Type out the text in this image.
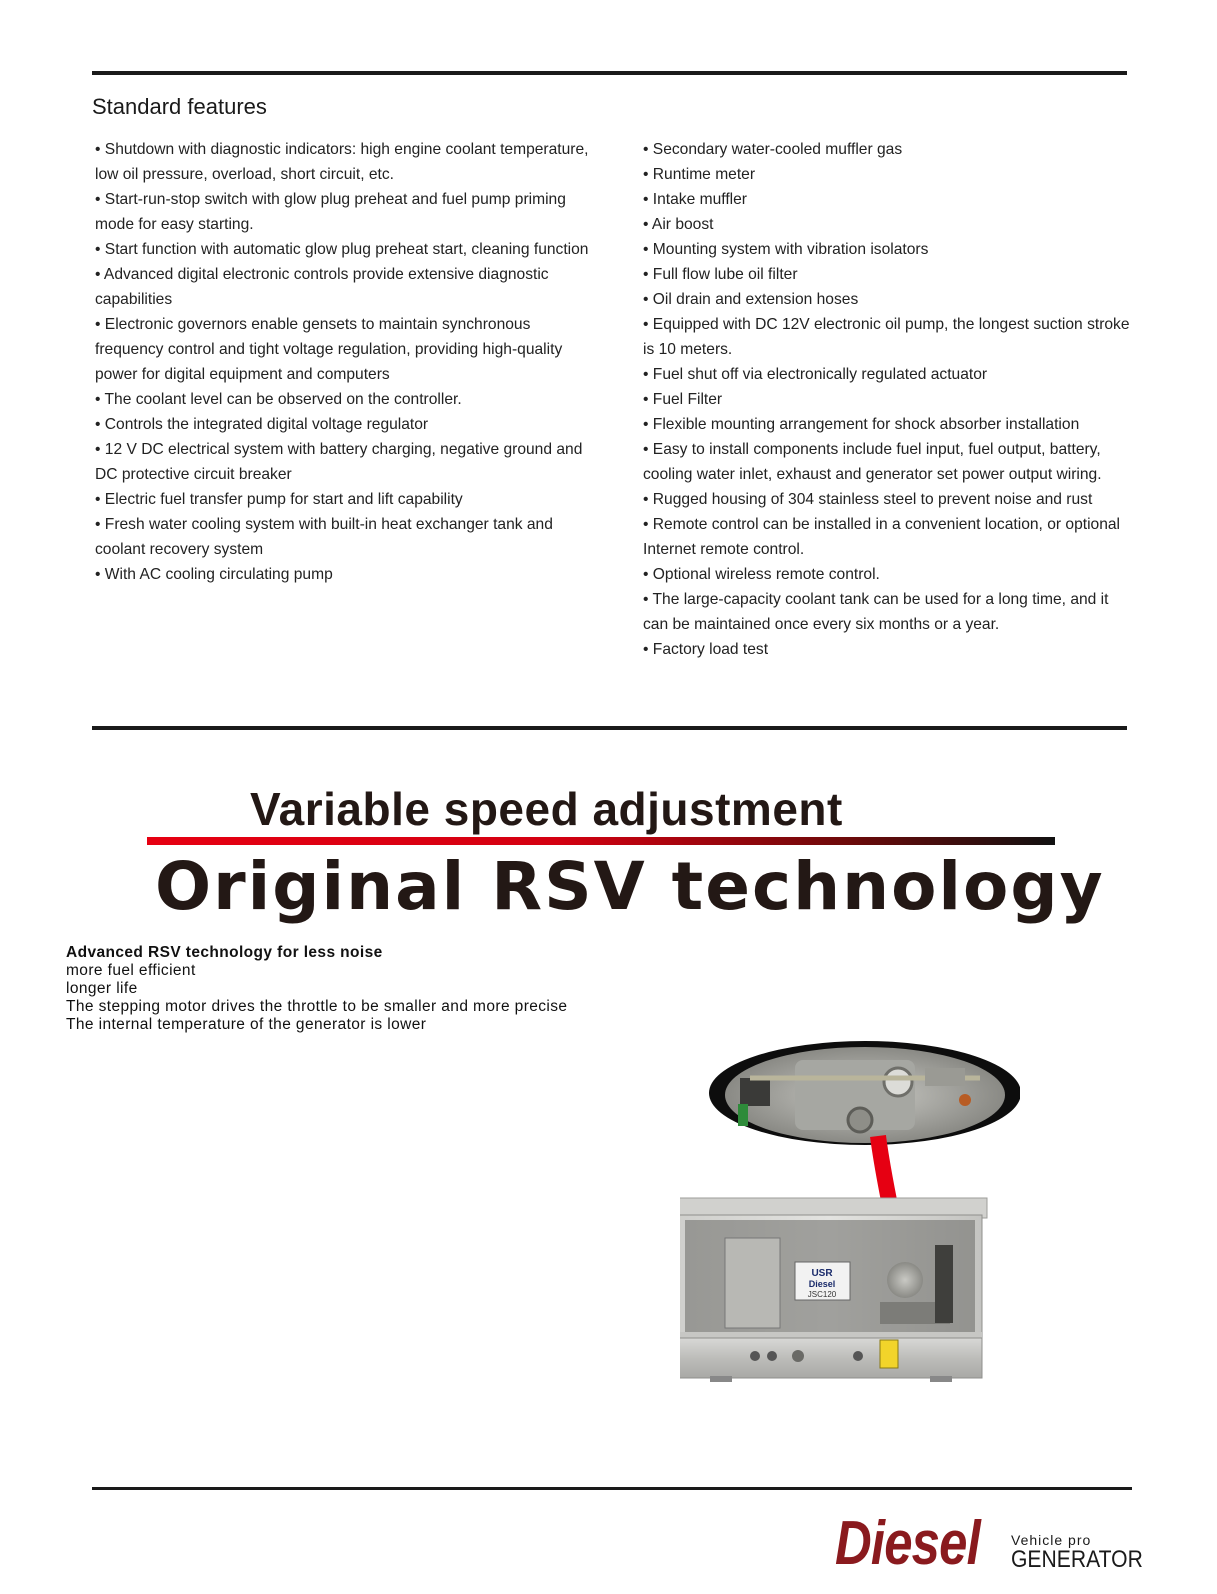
Standard features

• Shutdown with diagnostic indicators: high engine coolant temperature, low oil pressure, overload, short circuit, etc.

• Start-run-stop switch with glow plug preheat and fuel pump priming mode for easy starting.

• Start function with automatic glow plug preheat start, cleaning function

• Advanced digital electronic controls provide extensive diagnostic capabilities

• Electronic governors enable gensets to maintain synchronous frequency control and tight voltage regulation, providing high-quality power for digital equipment and computers

• The coolant level can be observed on the controller.

• Controls the integrated digital voltage regulator

• 12 V DC electrical system with battery charging, negative ground and DC protective circuit breaker

• Electric fuel transfer pump for start and lift capability

• Fresh water cooling system with built-in heat exchanger tank and coolant recovery system

• With AC cooling circulating pump

• Secondary water-cooled muffler gas

• Runtime meter

• Intake muffler

• Air boost

• Mounting system with vibration isolators

• Full flow lube oil filter

• Oil drain and extension hoses

• Equipped with DC 12V electronic oil pump, the longest suction stroke is 10 meters.

• Fuel shut off via electronically regulated actuator

• Fuel Filter

• Flexible mounting arrangement for shock absorber installation

• Easy to install components include fuel input, fuel output, battery, cooling water inlet, exhaust and generator set power output wiring.

• Rugged housing of 304 stainless steel to prevent noise and rust

• Remote control can be installed in a convenient location, or optional Internet remote control.

• Optional wireless remote control.

• The large-capacity coolant tank can be used for a long time, and it can be maintained once every six months or a year.

• Factory load test

Variable speed adjustment
Original RSV technology
Advanced RSV technology for less noise
more fuel efficient
longer life
The stepping motor drives the throttle to be smaller and more precise
The internal temperature of the generator is lower
USR
Diesel
JSC120
Diesel Vehicle pro
GENERATOR
